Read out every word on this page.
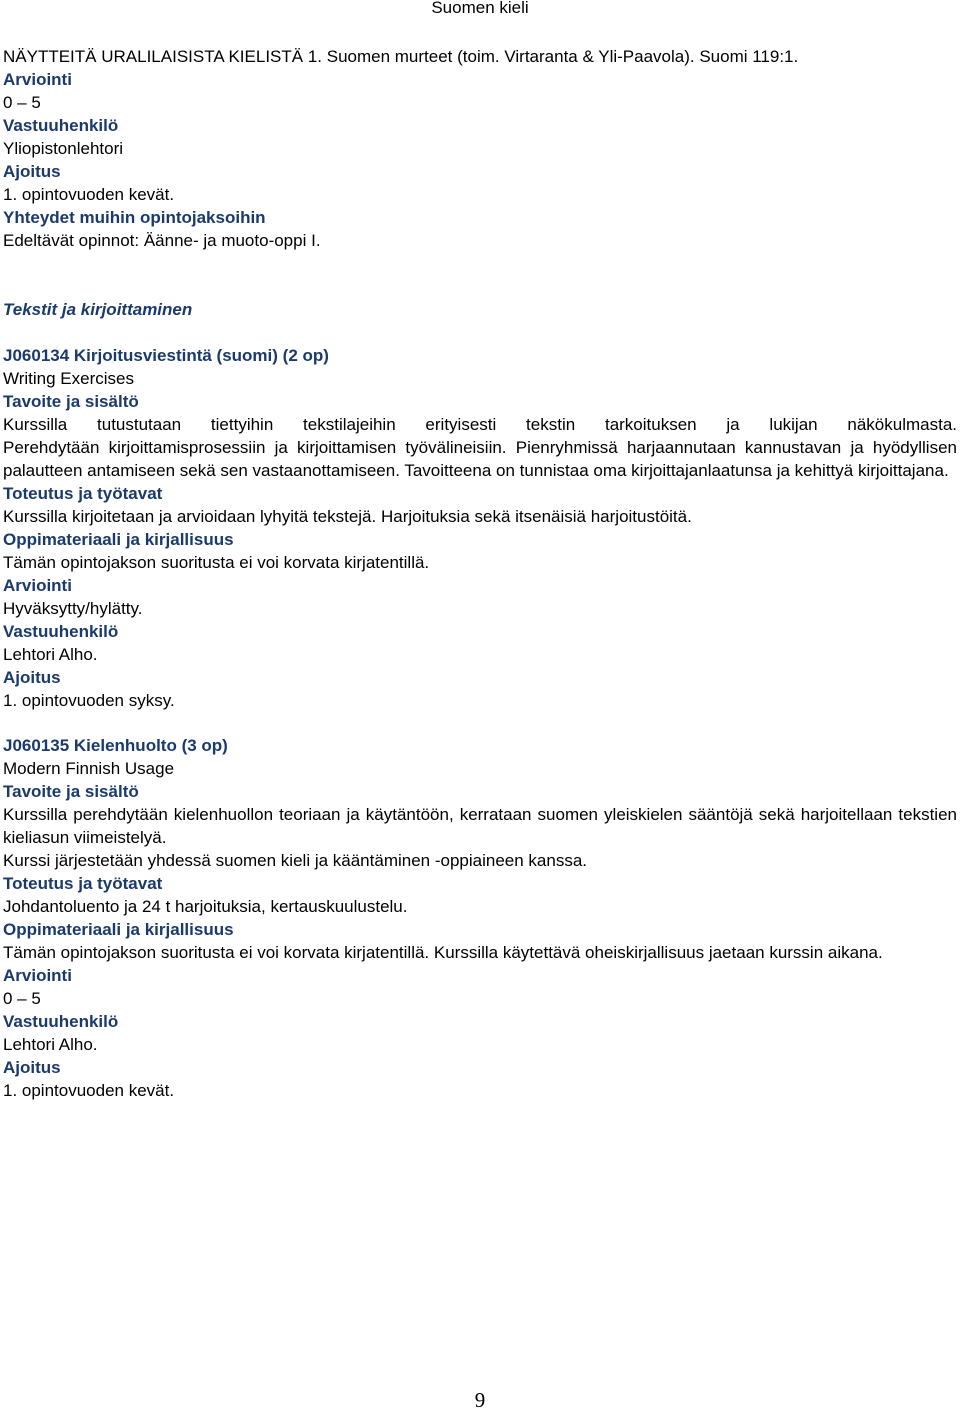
Suomen kieli

NÄYTTEITÄ URALILAISISTA KIELISTÄ 1. Suomen murteet (toim. Virtaranta & Yli-Paavola). Suomi 119:1.

Arviointi

0 – 5

Vastuuhenkilö

Yliopistonlehtori

Ajoitus

1. opintovuoden kevät.

Yhteydet muihin opintojaksoihin

Edeltävät opinnot: Äänne- ja muoto-oppi I.

Tekstit ja kirjoittaminen

J060134 Kirjoitusviestintä (suomi) (2 op)

Writing Exercises

Tavoite ja sisältö

Kurssilla tutustutaan tiettyihin tekstilajeihin erityisesti tekstin tarkoituksen ja lukijan näkökulmasta.

Perehdytään kirjoittamisprosessiin ja kirjoittamisen työvälineisiin. Pienryhmissä harjaannutaan kannustavan ja hyödyllisen palautteen antamiseen sekä sen vastaanottamiseen. Tavoitteena on tunnistaa oma kirjoittajanlaatunsa ja kehittyä kirjoittajana.

Toteutus ja työtavat

Kurssilla kirjoitetaan ja arvioidaan lyhyitä tekstejä. Harjoituksia sekä itsenäisiä harjoitustöitä.

Oppimateriaali ja kirjallisuus

Tämän opintojakson suoritusta ei voi korvata kirjatentillä.

Arviointi

Hyväksytty/hylätty.

Vastuuhenkilö

Lehtori Alho.

Ajoitus

1. opintovuoden syksy.

J060135 Kielenhuolto (3 op)

Modern Finnish Usage

Tavoite ja sisältö

Kurssilla perehdytään kielenhuollon teoriaan ja käytäntöön, kerrataan suomen yleiskielen sääntöjä sekä harjoitellaan tekstien kieliasun viimeistelyä.

Kurssi järjestetään yhdessä suomen kieli ja kääntäminen -oppiaineen kanssa.

Toteutus ja työtavat

Johdantoluento ja 24 t harjoituksia, kertauskuulustelu.

Oppimateriaali ja kirjallisuus

Tämän opintojakson suoritusta ei voi korvata kirjatentillä. Kurssilla käytettävä oheiskirjallisuus jaetaan kurssin aikana.

Arviointi

0 – 5

Vastuuhenkilö

Lehtori Alho.

Ajoitus

1. opintovuoden kevät.

9
